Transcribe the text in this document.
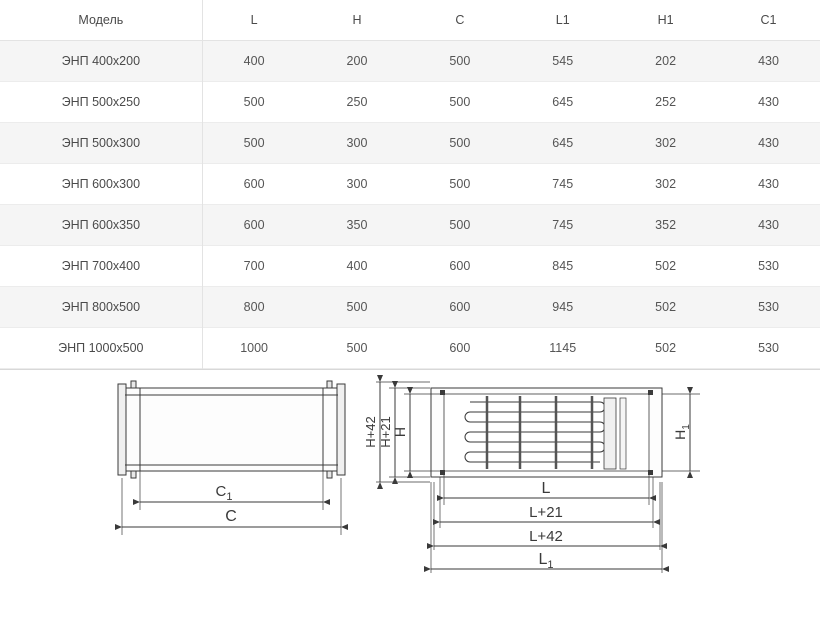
Модель	L	H	C	L1	H1	C1
ЭНП 400x200	400	200	500	545	202	430
ЭНП 500x250	500	250	500	645	252	430
ЭНП 500x300	500	300	500	645	302	430
ЭНП 600x300	600	300	500	745	302	430
ЭНП 600x350	600	350	500	745	352	430
ЭНП 700x400	700	400	600	845	502	530
ЭНП 800x500	800	500	600	945	502	530
ЭНП 1000x500	1000	500	600	1145	502	530
$C_1$
C
H+42 H+21 H	$H_1$
L
L+21
L+42
$L_1$
